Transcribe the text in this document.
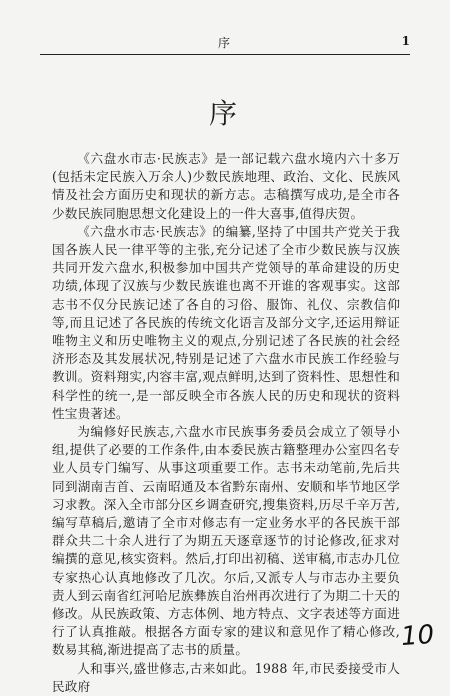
序	1
序

《六盘水市志·民族志》是一部记载六盘水境内六十多万(包括未定民族入万余人)少数民族地理、政治、文化、民族风情及社会方面历史和现状的新方志。志稿撰写成功,是全市各少数民族同胞思想文化建设上的一件大喜事,值得庆贺。

《六盘水市志·民族志》的编纂,坚持了中国共产党关于我国各族人民一律平等的主张,充分记述了全市少数民族与汉族共同开发六盘水,积极参加中国共产党领导的革命建设的历史功绩,体现了汉族与少数民族谁也离不开谁的客观事实。这部志书不仅分民族记述了各自的习俗、服饰、礼仪、宗教信仰等,而且记述了各民族的传统文化语言及部分文字,还运用辩证唯物主义和历史唯物主义的观点,分别记述了各民族的社会经济形态及其发展状况,特别是记述了六盘水市民族工作经验与教训。资料翔实,内容丰富,观点鲜明,达到了资料性、思想性和科学性的统一,是一部反映全市各族人民的历史和现状的资料性宝贵著述。

为编修好民族志,六盘水市民族事务委员会成立了领导小组,提供了必要的工作条件,由本委民族古籍整理办公室四名专业人员专门编写、从事这项重要工作。志书未动笔前,先后共同到湖南吉首、云南昭通及本省黔东南州、安顺和毕节地区学习求教。深入全市部分区乡调查研究,搜集资料,历尽千辛万苦,编写草稿后,邀请了全市对修志有一定业务水平的各民族干部群众共二十余人进行了为期五天逐章逐节的讨论修改,征求对编撰的意见,核实资料。然后,打印出初稿、送审稿,市志办几位专家热心认真地修改了几次。尔后,又派专人与市志办主要负责人到云南省红河哈尼族彝族自治州再次进行了为期二十天的修改。从民族政策、方志体例、地方特点、文字表述等方面进行了认真推敲。根据各方面专家的建议和意见作了精心修改,数易其稿,渐进提高了志书的质量。

人和事兴,盛世修志,古来如此。1988 年,市民委接受市人民政府

10
